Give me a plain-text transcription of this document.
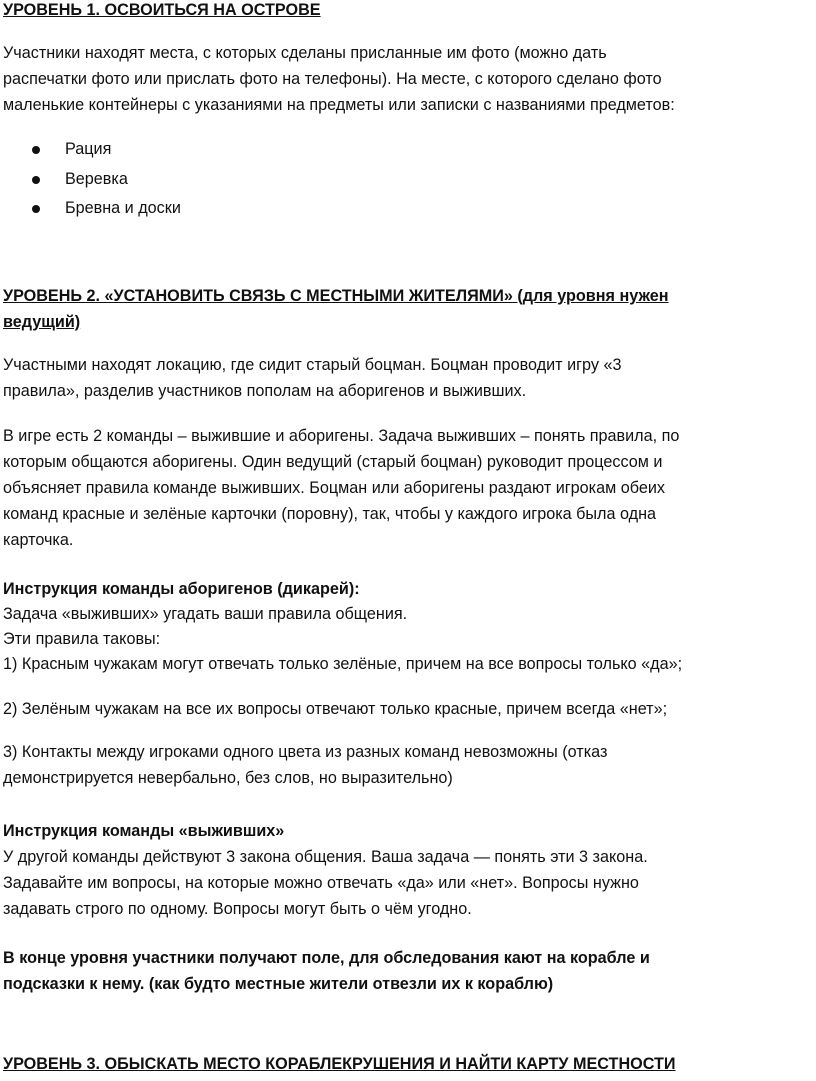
УРОВЕНЬ 1. ОСВОИТЬСЯ НА ОСТРОВЕ

Участники находят места, с которых сделаны присланные им фото (можно дать

распечатки фото или прислать фото на телефоны). На месте, с которого сделано фото

маленькие контейнеры с указаниями на предметы или записки с названиями предметов:

Рация
Веревка
Бревна и доски
УРОВЕНЬ 2. «УСТАНОВИТЬ СВЯЗЬ С МЕСТНЫМИ ЖИТЕЛЯМИ» (для уровня нужен
ведущий)

Участными находят локацию, где сидит старый боцман. Боцман проводит игру «3

правила», разделив участников пополам на аборигенов и выживших.

В игре есть 2 команды – выжившие и аборигены. Задача выживших – понять правила, по

которым общаются аборигены. Один ведущий (старый боцман) руководит процессом и

объясняет правила команде выживших. Боцман или аборигены раздают игрокам обеих

команд красные и зелёные карточки (поровну), так, чтобы у каждого игрока была одна

карточка.

Инструкция команды аборигенов (дикарей):

Задача «выживших» угадать ваши правила общения.

Эти правила таковы:

1) Красным чужакам могут отвечать только зелёные, причем на все вопросы только «да»;

2) Зелёным чужакам на все их вопросы отвечают только красные, причем всегда «нет»;

3) Контакты между игроками одного цвета из разных команд невозможны (отказ

демонстрируется невербально, без слов, но выразительно)

Инструкция команды «выживших»

У другой команды действуют 3 закона общения. Ваша задача — понять эти 3 закона.

Задавайте им вопросы, на которые можно отвечать «да» или «нет». Вопросы нужно

задавать строго по одному. Вопросы могут быть о чём угодно.

В конце уровня участники получают поле, для обследования кают на корабле и

подсказки к нему. (как будто местные жители отвезли их к кораблю)

УРОВЕНЬ 3. ОБЫСКАТЬ МЕСТО КОРАБЛЕКРУШЕНИЯ И НАЙТИ КАРТУ МЕСТНОСТИ
